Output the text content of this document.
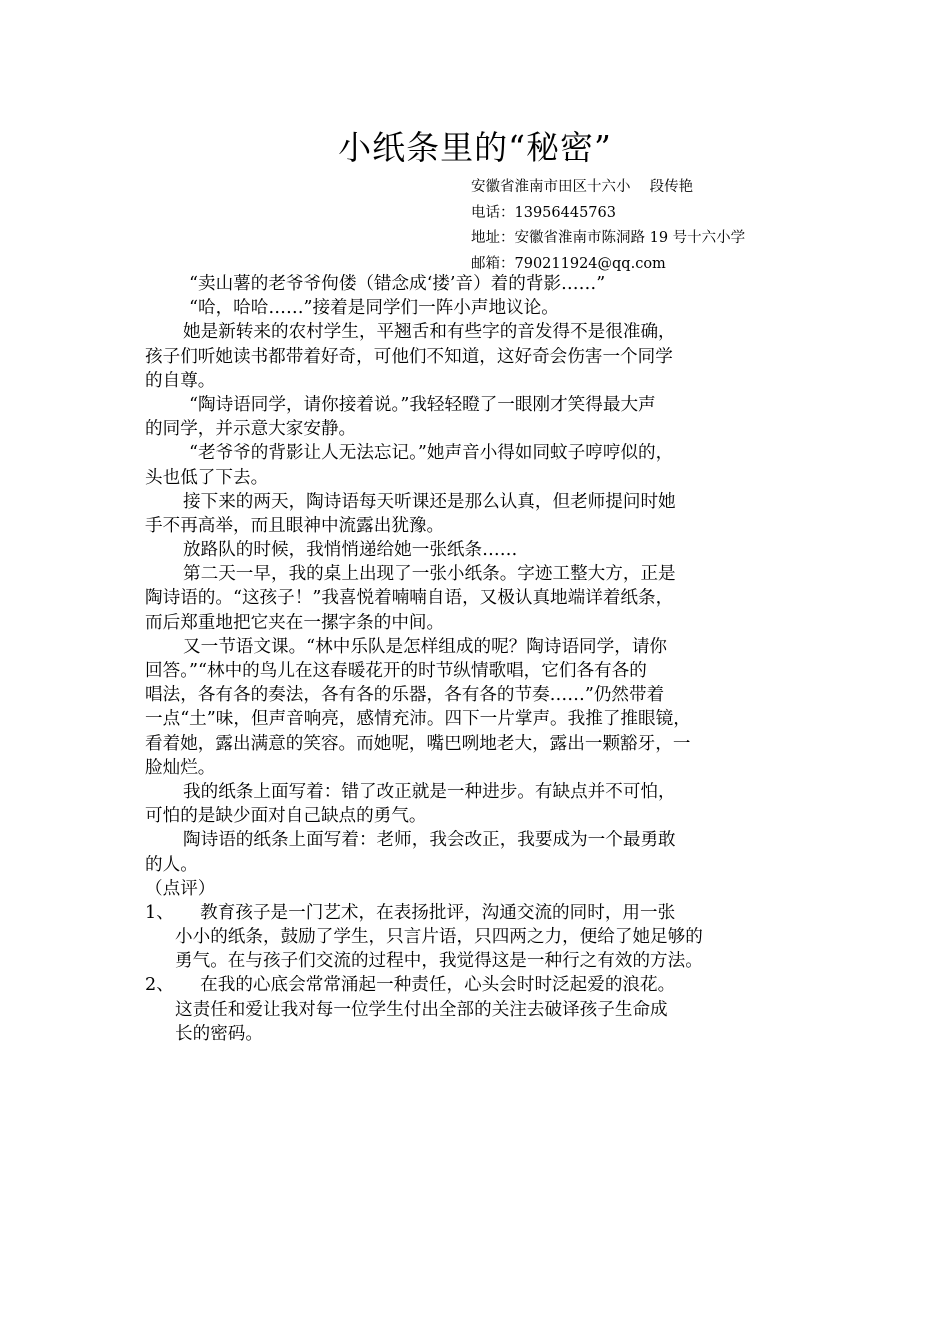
小纸条里的“秘密”
安徽省淮南市田区十六小　 段传艳
电话：13956445763
地址：安徽省淮南市陈洞路 19 号十六小学
邮箱：790211924@qq.com

“卖山薯的老爷爷佝偻（错念成‘搂’音）着的背影……”

“哈，哈哈……”接着是同学们一阵小声地议论。

她是新转来的农村学生，平翘舌和有些字的音发得不是很准确，

孩子们听她读书都带着好奇，可他们不知道，这好奇会伤害一个同学

的自尊。

“陶诗语同学，请你接着说。”我轻轻瞪了一眼刚才笑得最大声

的同学，并示意大家安静。

“老爷爷的背影让人无法忘记。”她声音小得如同蚊子哼哼似的，

头也低了下去。

接下来的两天，陶诗语每天听课还是那么认真，但老师提问时她

手不再高举，而且眼神中流露出犹豫。

放路队的时候，我悄悄递给她一张纸条……

第二天一早，我的桌上出现了一张小纸条。字迹工整大方，正是

陶诗语的。“这孩子！”我喜悦着喃喃自语，又极认真地端详着纸条，

而后郑重地把它夹在一摞字条的中间。

又一节语文课。“林中乐队是怎样组成的呢？陶诗语同学，请你

回答。”“林中的鸟儿在这春暖花开的时节纵情歌唱，它们各有各的

唱法，各有各的奏法，各有各的乐器，各有各的节奏……”仍然带着

一点“土”味，但声音响亮，感情充沛。四下一片掌声。我推了推眼镜，

看着她，露出满意的笑容。而她呢，嘴巴咧地老大，露出一颗豁牙，一

脸灿烂。

我的纸条上面写着：错了改正就是一种进步。有缺点并不可怕，

可怕的是缺少面对自己缺点的勇气。

陶诗语的纸条上面写着：老师，我会改正，我要成为一个最勇敢

的人。

（点评）

1、　　教育孩子是一门艺术，在表扬批评，沟通交流的同时，用一张

小小的纸条，鼓励了学生，只言片语，只四两之力，便给了她足够的

勇气。在与孩子们交流的过程中，我觉得这是一种行之有效的方法。

2、　　在我的心底会常常涌起一种责任，心头会时时泛起爱的浪花。

这责任和爱让我对每一位学生付出全部的关注去破译孩子生命成

长的密码。
